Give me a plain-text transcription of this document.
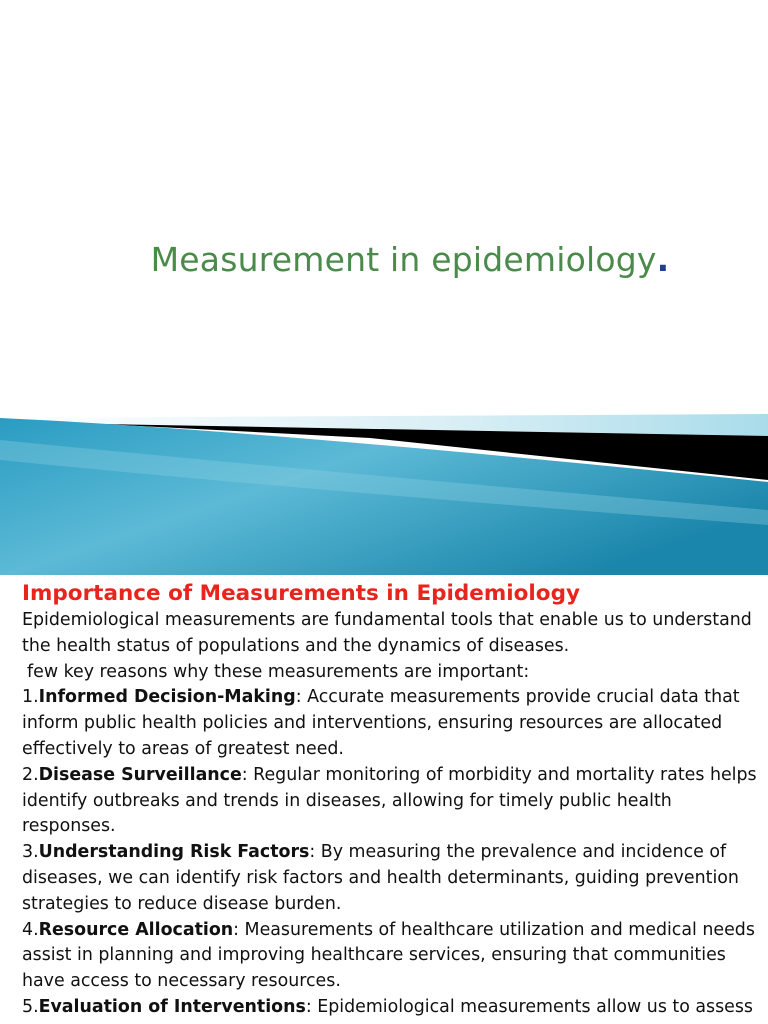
Measurement in epidemiology.

Importance of Measurements in Epidemiology

Epidemiological measurements are fundamental tools that enable us to understand the health status of populations and the dynamics of diseases.

few key reasons why these measurements are important:

1.Informed Decision-Making: Accurate measurements provide crucial data that inform public health policies and interventions, ensuring resources are allocated effectively to areas of greatest need.

2.Disease Surveillance: Regular monitoring of morbidity and mortality rates helps identify outbreaks and trends in diseases, allowing for timely public health responses.

3.Understanding Risk Factors: By measuring the prevalence and incidence of diseases, we can identify risk factors and health determinants, guiding prevention strategies to reduce disease burden.

4.Resource Allocation: Measurements of healthcare utilization and medical needs assist in planning and improving healthcare services, ensuring that communities have access to necessary resources.

5.Evaluation of Interventions: Epidemiological measurements allow us to assess
